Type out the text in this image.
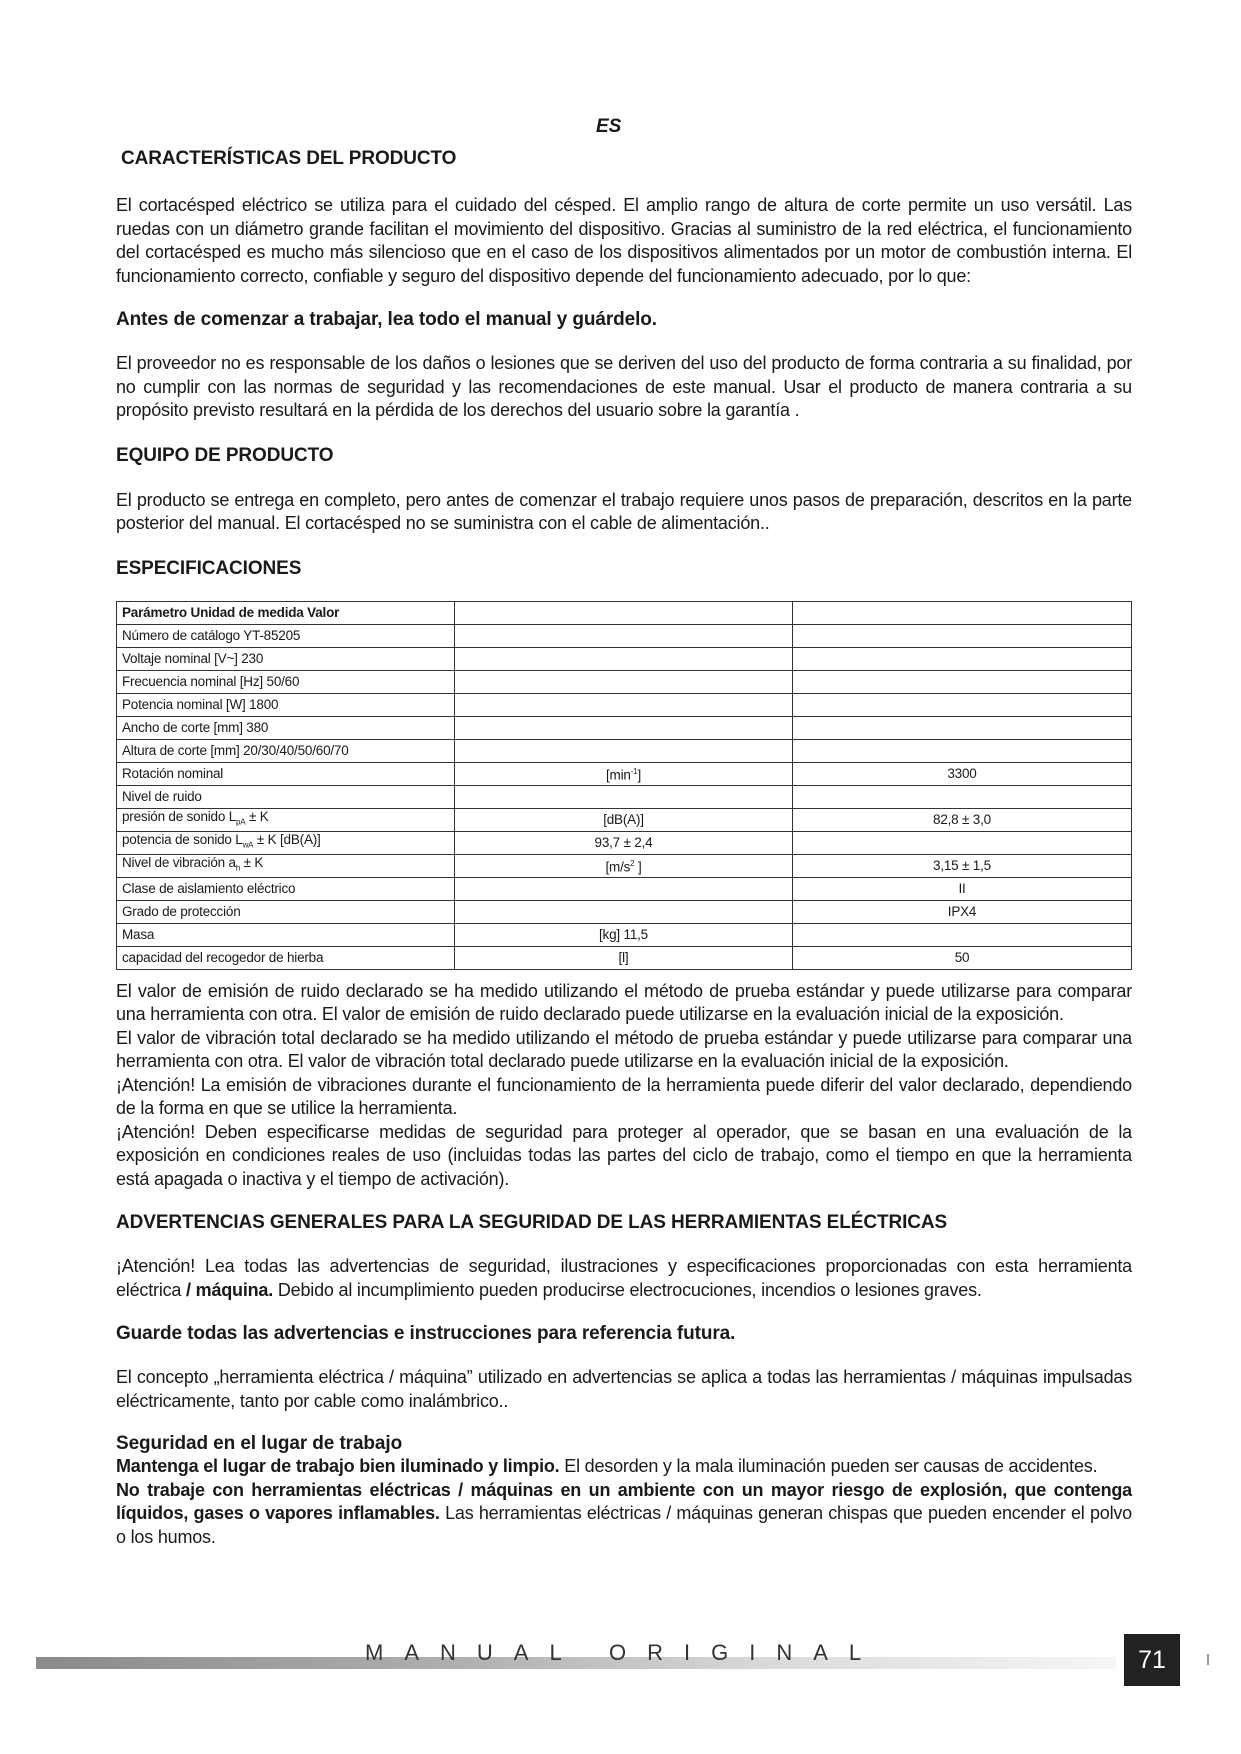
ES
CARACTERÍSTICAS DEL PRODUCTO

El cortacésped eléctrico se utiliza para el cuidado del césped. El amplio rango de altura de corte permite un uso versátil. Las ruedas con un diámetro grande facilitan el movimiento del dispositivo. Gracias al suministro de la red eléctrica, el funcionamiento del cortacésped es mucho más silencioso que en el caso de los dispositivos alimentados por un motor de combustión interna. El funcionamiento correcto, confiable y seguro del dispositivo depende del funcionamiento adecuado, por lo que:

Antes de comenzar a trabajar, lea todo el manual y guárdelo.

El proveedor no es responsable de los daños o lesiones que se deriven del uso del producto de forma contraria a su finalidad, por no cumplir con las normas de seguridad y las recomendaciones de este manual. Usar el producto de manera contraria a su propósito previsto resultará en la pérdida de los derechos del usuario sobre la garantía .

EQUIPO DE PRODUCTO

El producto se entrega en completo, pero antes de comenzar el trabajo requiere unos pasos de preparación, descritos en la parte posterior del manual. El cortacésped no se suministra con el cable de alimentación..

ESPECIFICACIONES
Parámetro Unidad de medida Valor		
Número de catálogo YT-85205		
Voltaje nominal [V~] 230		
Frecuencia nominal [Hz] 50/60		
Potencia nominal [W] 1800		
Ancho de corte [mm] 380		
Altura de corte [mm] 20/30/40/50/60/70		
Rotación nominal	$[\min^{-1}]$	3300
Nivel de ruido		
presión de sonido $L_{pA} \pm K$	[dB(A)]	82,8 ± 3,0
potencia de sonido $L_{wA} \pm K$ [dB(A)]	93,7 ± 2,4	
Nivel de vibración $a_h \pm K$	[$m/s^2$ ]	3,15 ± 1,5
Clase de aislamiento eléctrico		II
Grado de protección		IPX4
Masa	[kg] 11,5	
capacidad del recogedor de hierba	[l]	50

El valor de emisión de ruido declarado se ha medido utilizando el método de prueba estándar y puede utilizarse para comparar una herramienta con otra. El valor de emisión de ruido declarado puede utilizarse en la evaluación inicial de la exposición.

El valor de vibración total declarado se ha medido utilizando el método de prueba estándar y puede utilizarse para comparar una herramienta con otra. El valor de vibración total declarado puede utilizarse en la evaluación inicial de la exposición.

¡Atención! La emisión de vibraciones durante el funcionamiento de la herramienta puede diferir del valor declarado, dependiendo de la forma en que se utilice la herramienta.

¡Atención! Deben especificarse medidas de seguridad para proteger al operador, que se basan en una evaluación de la exposición en condiciones reales de uso (incluidas todas las partes del ciclo de trabajo, como el tiempo en que la herramienta está apagada o inactiva y el tiempo de activación).

ADVERTENCIAS GENERALES PARA LA SEGURIDAD DE LAS HERRAMIENTAS ELÉCTRICAS

¡Atención! Lea todas las advertencias de seguridad, ilustraciones y especificaciones proporcionadas con esta herramienta eléctrica / máquina. Debido al incumplimiento pueden producirse electrocuciones, incendios o lesiones graves.

Guarde todas las advertencias e instrucciones para referencia futura.

El concepto „herramienta eléctrica / máquina” utilizado en advertencias se aplica a todas las herramientas / máquinas impulsadas eléctricamente, tanto por cable como inalámbrico..

Seguridad en el lugar de trabajo

Mantenga el lugar de trabajo bien iluminado y limpio. El desorden y la mala iluminación pueden ser causas de accidentes.

No trabaje con herramientas eléctricas / máquinas en un ambiente con un mayor riesgo de explosión, que contenga líquidos, gases o vapores inflamables. Las herramientas eléctricas / máquinas generan chispas que pueden encender el polvo o los humos.

MANUAL ORIGINAL	71
